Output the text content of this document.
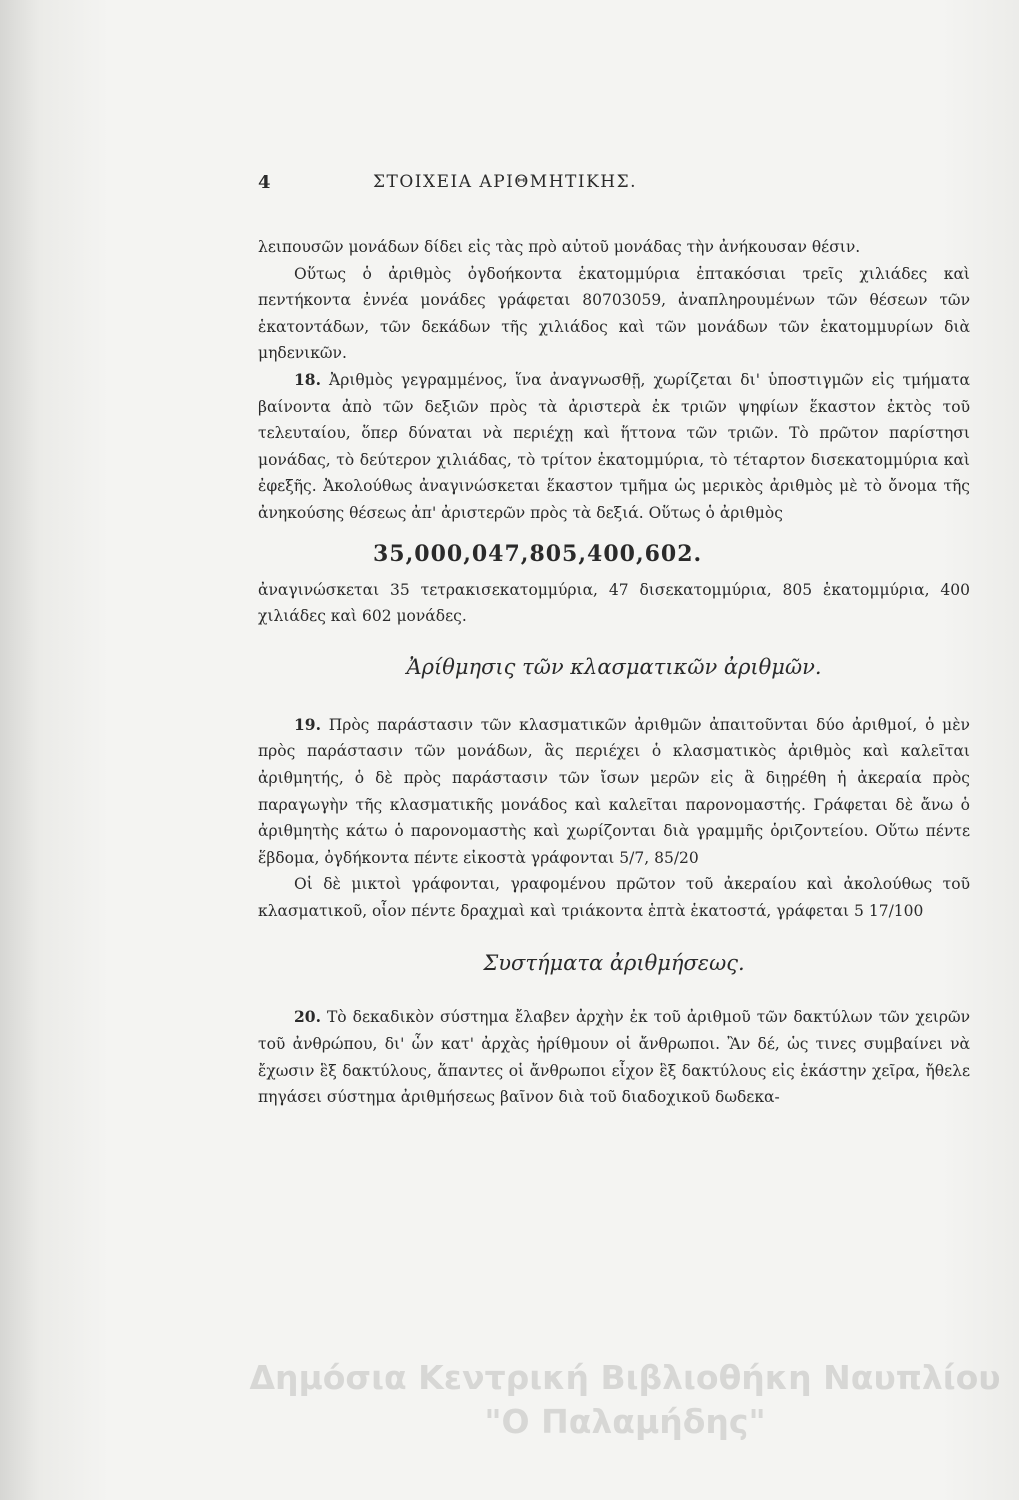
4	ΣΤΟΙΧΕΙΑ ΑΡΙΘΜΗΤΙΚΗΣ.

λειπουσῶν μονάδων δίδει εἰς τὰς πρὸ αὐτοῦ μονάδας τὴν ἀνήκουσαν θέσιν.

Οὕτως ὁ ἀριθμὸς ὀγδοήκοντα ἑκατομμύρια ἑπτακόσιαι τρεῖς χιλιάδες καὶ πεντήκοντα ἐννέα μονάδες γράφεται 80703059, ἀναπληρουμένων τῶν θέσεων τῶν ἑκατοντάδων, τῶν δεκάδων τῆς χιλιάδος καὶ τῶν μονάδων τῶν ἑκατομμυρίων διὰ μηδενικῶν.

18. Ἀριθμὸς γεγραμμένος, ἵνα ἀναγνωσθῇ, χωρίζεται δι' ὑποστιγμῶν εἰς τμήματα βαίνοντα ἀπὸ τῶν δεξιῶν πρὸς τὰ ἀριστερὰ ἐκ τριῶν ψηφίων ἕκαστον ἐκτὸς τοῦ τελευταίου, ὅπερ δύναται νὰ περιέχῃ καὶ ἥττονα τῶν τριῶν. Τὸ πρῶτον παρίστησι μονάδας, τὸ δεύτερον χιλιάδας, τὸ τρίτον ἑκατομμύρια, τὸ τέταρτον δισεκατομμύρια καὶ ἐφεξῆς. Ἀκολούθως ἀναγινώσκεται ἕκαστον τμῆμα ὡς μερικὸς ἀριθμὸς μὲ τὸ ὄνομα τῆς ἀνηκούσης θέσεως ἀπ' ἀριστερῶν πρὸς τὰ δεξιά. Οὕτως ὁ ἀριθμὸς

35,000,047,805,400,602.

ἀναγινώσκεται 35 τετρακισεκατομμύρια, 47 δισεκατομμύρια, 805 ἑκατομμύρια, 400 χιλιάδες καὶ 602 μονάδες.

Ἀρίθμησις τῶν κλασματικῶν ἀριθμῶν.

19. Πρὸς παράστασιν τῶν κλασματικῶν ἀριθμῶν ἀπαιτοῦνται δύο ἀριθμοί, ὁ μὲν πρὸς παράστασιν τῶν μονάδων, ἃς περιέχει ὁ κλασματικὸς ἀριθμὸς καὶ καλεῖται ἀριθμητής, ὁ δὲ πρὸς παράστασιν τῶν ἴσων μερῶν εἰς ἃ διῃρέθη ἡ ἀκεραία πρὸς παραγωγὴν τῆς κλασματικῆς μονάδος καὶ καλεῖται παρονομαστής. Γράφεται δὲ ἄνω ὁ ἀριθμητὴς κάτω ὁ παρονομαστὴς καὶ χωρίζονται διὰ γραμμῆς ὁριζοντείου. Οὕτω πέντε ἕβδομα, ὀγδήκοντα πέντε εἰκοστὰ γράφονται 5/7, 85/20

Οἱ δὲ μικτοὶ γράφονται, γραφομένου πρῶτον τοῦ ἀκεραίου καὶ ἀκολούθως τοῦ κλασματικοῦ, οἷον πέντε δραχμαὶ καὶ τριάκοντα ἑπτὰ ἑκατοστά, γράφεται 5 17/100

Συστήματα ἀριθμήσεως.

20. Τὸ δεκαδικὸν σύστημα ἔλαβεν ἀρχὴν ἐκ τοῦ ἀριθμοῦ τῶν δακτύλων τῶν χειρῶν τοῦ ἀνθρώπου, δι' ὧν κατ' ἀρχὰς ἠρίθμουν οἱ ἄνθρωποι. Ἂν δέ, ὡς τινες συμβαίνει νὰ ἔχωσιν ἓξ δακτύλους, ἅπαντες οἱ ἄνθρωποι εἶχον ἓξ δακτύλους εἰς ἑκάστην χεῖρα, ἤθελε πηγάσει σύστημα ἀριθμήσεως βαῖνον διὰ τοῦ διαδοχικοῦ δωδεκα-

Δημόσια Κεντρική Βιβλιοθήκη Ναυπλίου
"Ο Παλαμήδης"
